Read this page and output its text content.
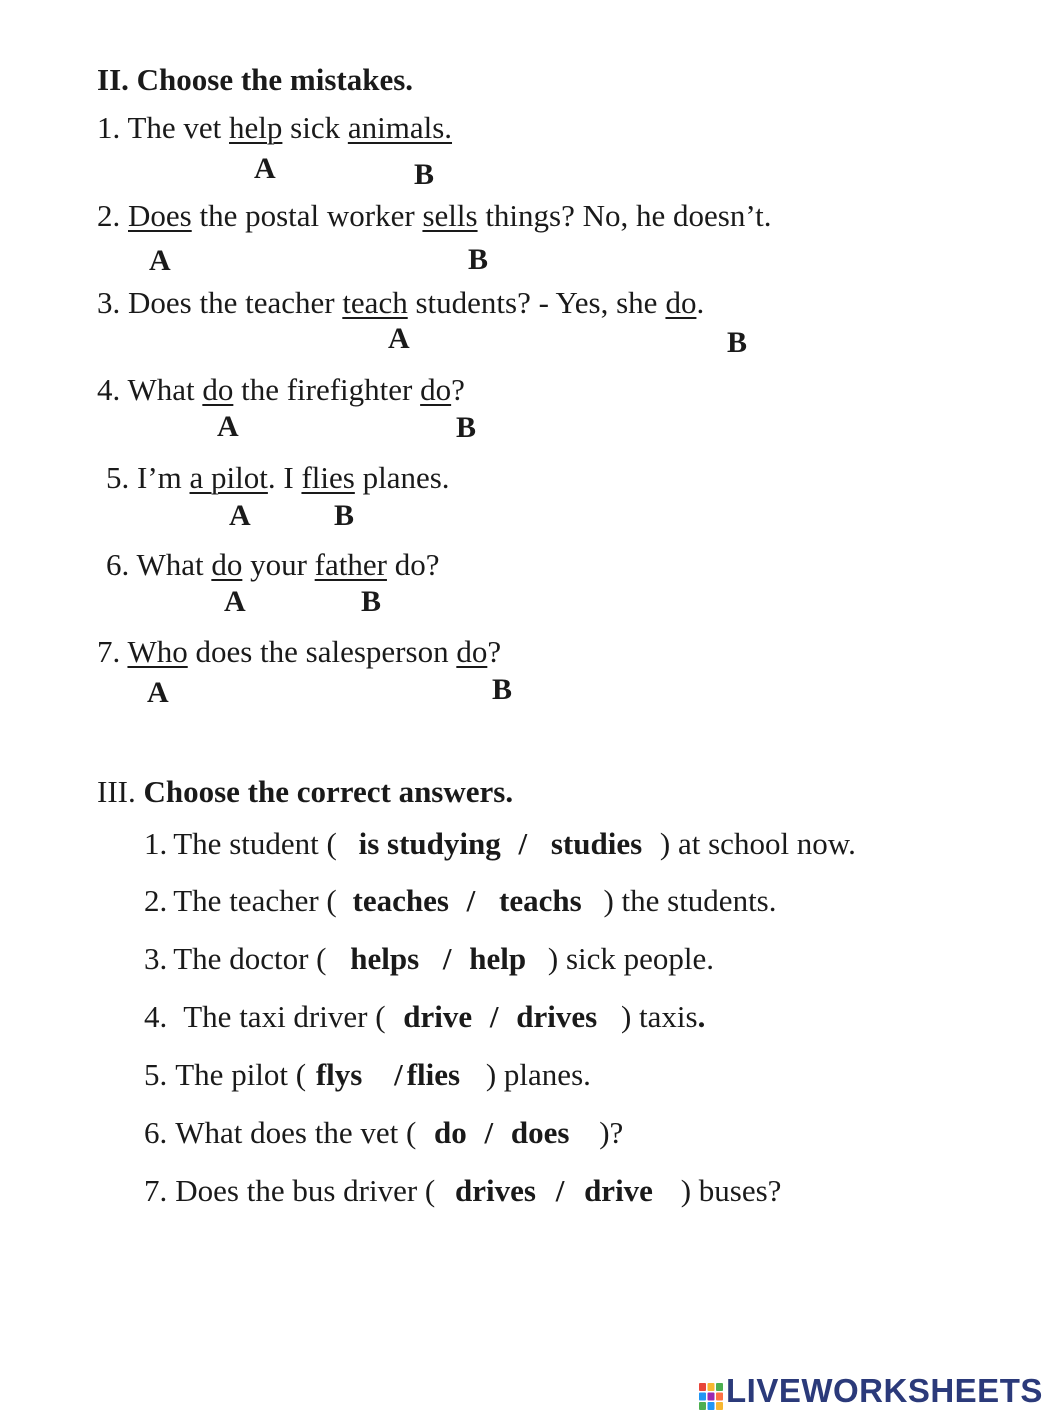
II. Choose the mistakes.
1. The vet help sick animals.
A	B
2. Does the postal worker sells things? No, he doesn’t.
A	B
3. Does the teacher teach students? - Yes, she do.
A	B
4. What do the firefighter do?
A	B
5. I’m a pilot. I flies planes.
A	B
6. What do your father do?
A	B
7. Who does the salesperson do?
A	B
III. Choose the correct answers.
1. The student ( is studying / studies ) at school now.
2. The teacher ( teaches / teachs ) the students.
3. The doctor ( helps / help ) sick people.
4. The taxi driver ( drive / drives ) taxis.
5. The pilot ( flys / flies ) planes.
6. What does the vet ( do / does )?
7. Does the bus driver ( drives / drive ) buses?
LIVEWORKSHEETS
